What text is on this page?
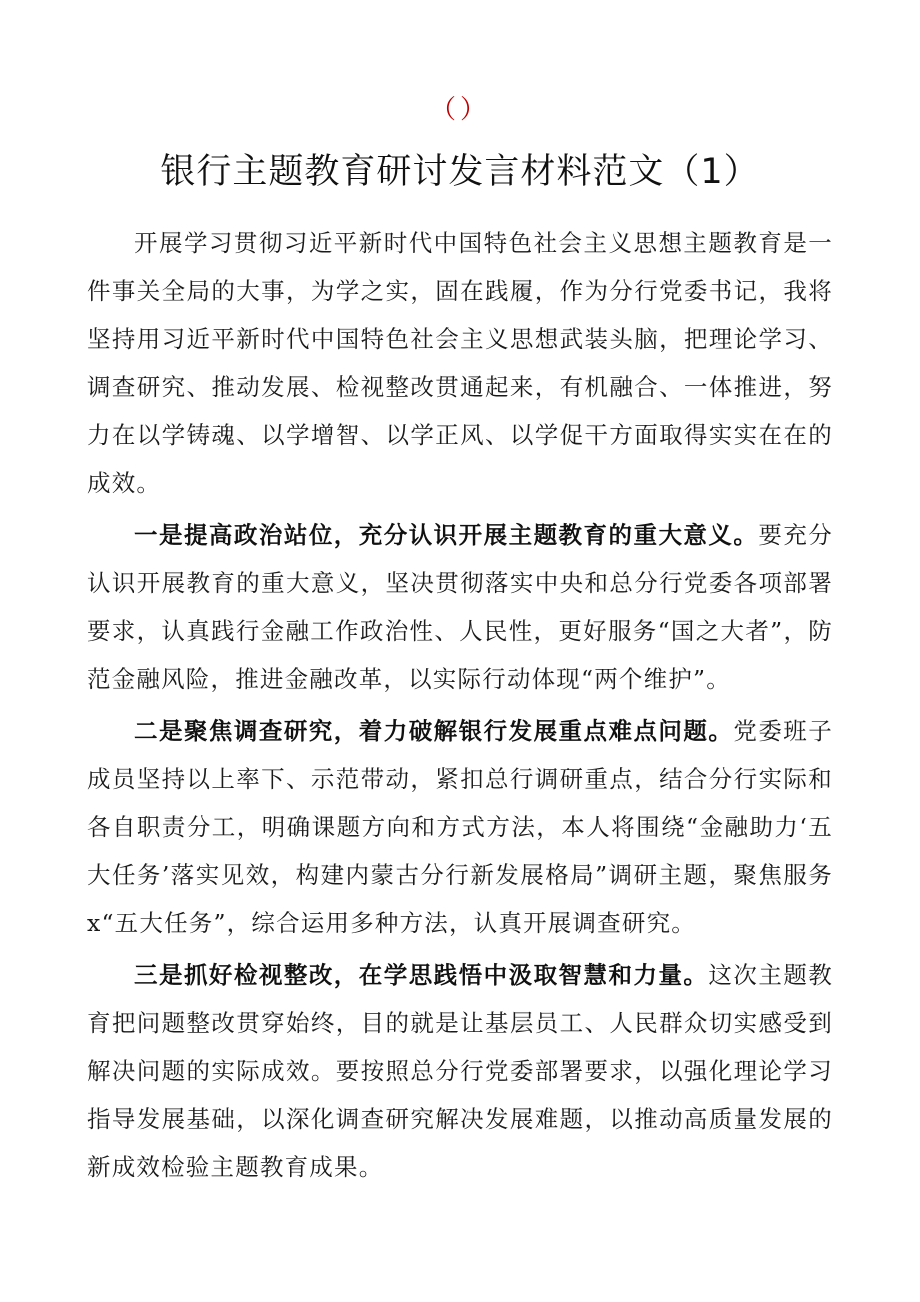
（）
银行主题教育研讨发言材料范文（1）

开展学习贯彻习近平新时代中国特色社会主义思想主题教育是一件事关全局的大事，为学之实，固在践履，作为分行党委书记，我将坚持用习近平新时代中国特色社会主义思想武装头脑，把理论学习、调查研究、推动发展、检视整改贯通起来，有机融合、一体推进，努力在以学铸魂、以学增智、以学正风、以学促干方面取得实实在在的成效。

一是提高政治站位，充分认识开展主题教育的重大意义。要充分认识开展教育的重大意义，坚决贯彻落实中央和总分行党委各项部署要求，认真践行金融工作政治性、人民性，更好服务“国之大者”，防范金融风险，推进金融改革，以实际行动体现“两个维护”。

二是聚焦调查研究，着力破解银行发展重点难点问题。党委班子成员坚持以上率下、示范带动，紧扣总行调研重点，结合分行实际和各自职责分工，明确课题方向和方式方法，本人将围绕“金融助力‘五大任务’落实见效，构建内蒙古分行新发展格局”调研主题，聚焦服务x“五大任务”，综合运用多种方法，认真开展调查研究。

三是抓好检视整改，在学思践悟中汲取智慧和力量。这次主题教育把问题整改贯穿始终，目的就是让基层员工、人民群众切实感受到解决问题的实际成效。要按照总分行党委部署要求，以强化理论学习指导发展基础，以深化调查研究解决发展难题，以推动高质量发展的新成效检验主题教育成果。
